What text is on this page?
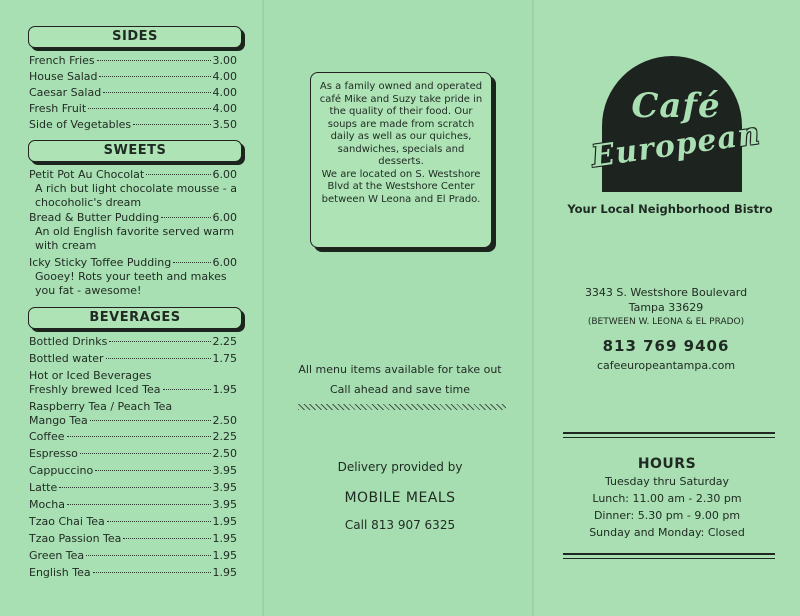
SIDES
French Fries	3.00
House Salad	4.00
Caesar Salad	4.00
Fresh Fruit	4.00
Side of Vegetables	3.50
SWEETS
Petit Pot Au Chocolat	6.00
A rich but light chocolate mousse - a chocoholic's dream
Bread & Butter Pudding	6.00
An old English favorite served warm with cream
Icky Sticky Toffee Pudding	6.00
Gooey! Rots your teeth and makes you fat - awesome!
BEVERAGES
Bottled Drinks	2.25
Bottled water	1.75
Hot or Iced Beverages
Freshly brewed Iced Tea	1.95
Raspberry Tea / Peach Tea
Mango Tea	2.50
Coffee	2.25
Espresso	2.50
Cappuccino	3.95
Latte	3.95
Mocha	3.95
Tzao Chai Tea	1.95
Tzao Passion Tea	1.95
Green Tea	1.95
English Tea	1.95

As a family owned and operated café Mike and Suzy take pride in the quality of their food. Our soups are made from scratch daily as well as our quiches, sandwiches, specials and desserts.

We are located on S. Westshore Blvd at the Westshore Center between W Leona and El Prado.

All menu items available for take out
Call ahead and save time
Delivery provided by
MOBILE MEALS
Call 813 907 6325
Café
European
Your Local Neighborhood Bistro
3343 S. Westshore Boulevard
Tampa 33629
(BETWEEN W. LEONA & EL PRADO)
813 769 9406
cafeeuropeantampa.com
HOURS
Tuesday thru Saturday
Lunch: 11.00 am - 2.30 pm
Dinner: 5.30 pm - 9.00 pm
Sunday and Monday: Closed
